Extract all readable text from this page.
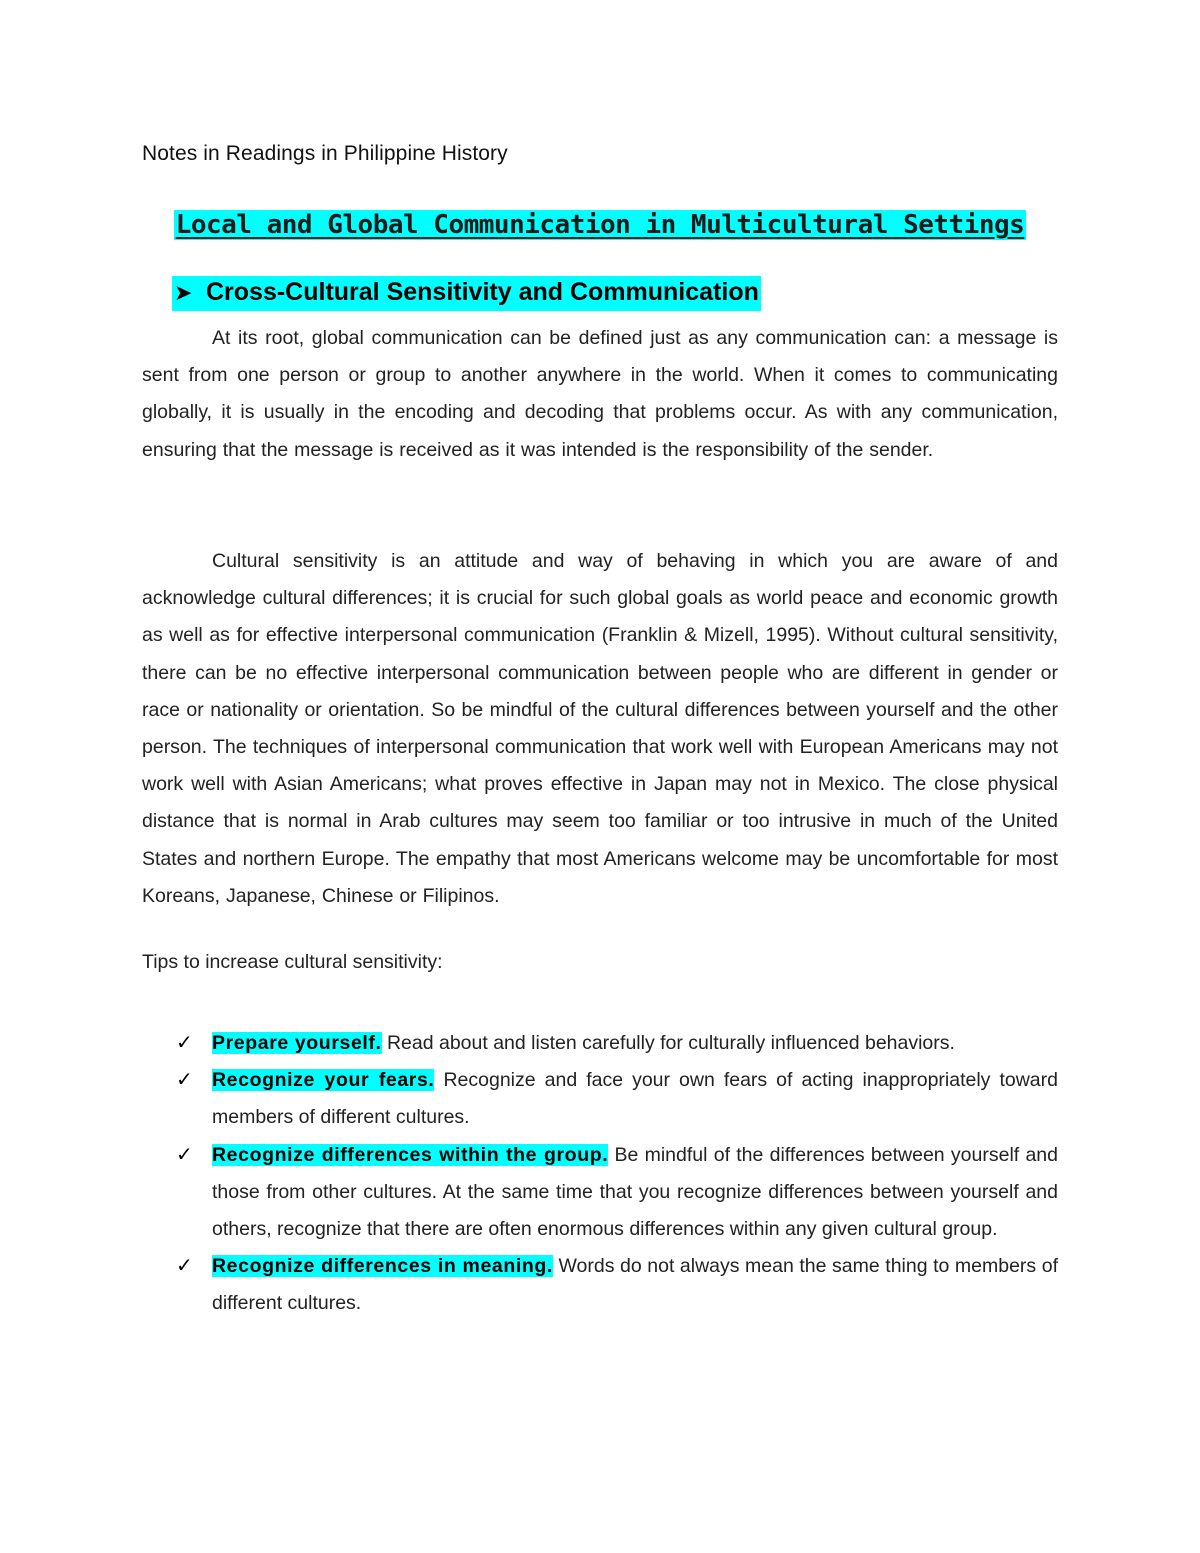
Notes in Readings in Philippine History
Local and Global Communication in Multicultural Settings
➤ Cross-Cultural Sensitivity and Communication

At its root, global communication can be defined just as any communication can: a message is sent from one person or group to another anywhere in the world. When it comes to communicating globally, it is usually in the encoding and decoding that problems occur. As with any communication, ensuring that the message is received as it was intended is the responsibility of the sender.

Cultural sensitivity is an attitude and way of behaving in which you are aware of and acknowledge cultural differences; it is crucial for such global goals as world peace and economic growth as well as for effective interpersonal communication (Franklin & Mizell, 1995). Without cultural sensitivity, there can be no effective interpersonal communication between people who are different in gender or race or nationality or orientation. So be mindful of the cultural differences between yourself and the other person. The techniques of interpersonal communication that work well with European Americans may not work well with Asian Americans; what proves effective in Japan may not in Mexico. The close physical distance that is normal in Arab cultures may seem too familiar or too intrusive in much of the United States and northern Europe. The empathy that most Americans welcome may be uncomfortable for most Koreans, Japanese, Chinese or Filipinos.

Tips to increase cultural sensitivity:
✓ Prepare yourself. Read about and listen carefully for culturally influenced behaviors.
✓ Recognize your fears. Recognize and face your own fears of acting inappropriately toward members of different cultures.
✓ Recognize differences within the group. Be mindful of the differences between yourself and those from other cultures. At the same time that you recognize differences between yourself and others, recognize that there are often enormous differences within any given cultural group.
✓ Recognize differences in meaning. Words do not always mean the same thing to members of different cultures.
